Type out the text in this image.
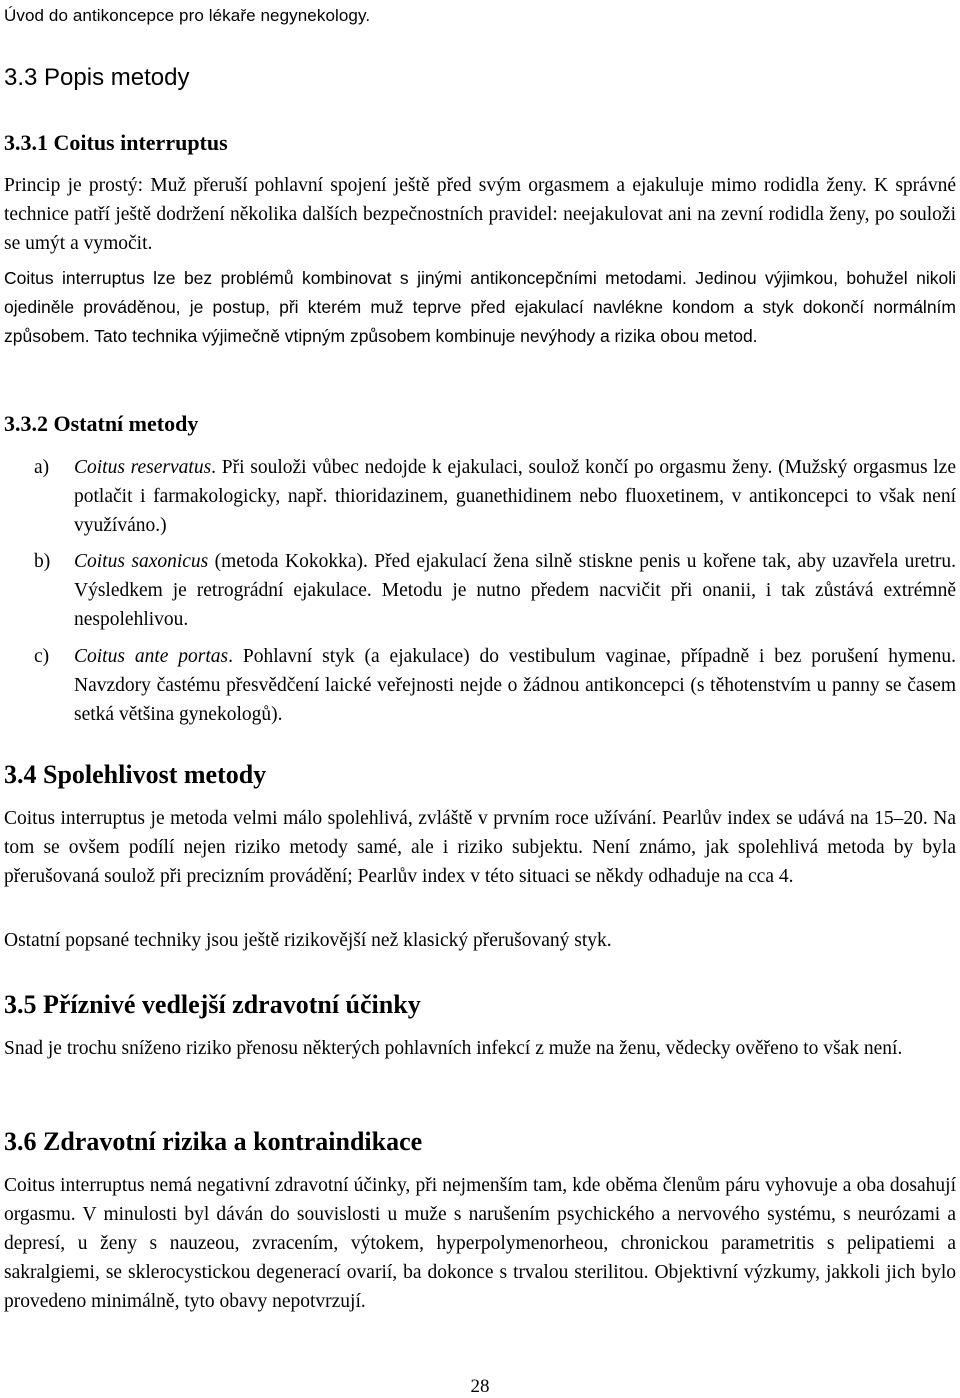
Úvod do antikoncepce pro lékaře negynekology.
3.3 Popis metody
3.3.1 Coitus interruptus

Princip je prostý: Muž přeruší pohlavní spojení ještě před svým orgasmem a ejakuluje mimo rodidla ženy. K správné technice patří ještě dodržení několika dalších bezpečnostních pravidel: neejakulovat ani na zevní rodidla ženy, po souloži se umýt a vymočit.

Coitus interruptus lze bez problémů kombinovat s jinými antikoncepčními metodami. Jedinou výjimkou, bohužel nikoli ojediněle prováděnou, je postup, při kterém muž teprve před ejakulací navlékne kondom a styk dokončí normálním způsobem. Tato technika výjimečně vtipným způsobem kombinuje nevýhody a rizika obou metod.

3.3.2 Ostatní metody
a) Coitus reservatus. Při souloži vůbec nedojde k ejakulaci, soulož končí po orgasmu ženy. (Mužský orgasmus lze potlačit i farmakologicky, např. thioridazinem, guanethidinem nebo fluoxetinem, v antikoncepci to však není využíváno.)

b) Coitus saxonicus (metoda Kokokka). Před ejakulací žena silně stiskne penis u kořene tak, aby uzavřela uretru. Výsledkem je retrográdní ejakulace. Metodu je nutno předem nacvičit při onanii, i tak zůstává extrémně nespolehlivou.

c) Coitus ante portas. Pohlavní styk (a ejakulace) do vestibulum vaginae, případně i bez porušení hymenu. Navzdory častému přesvědčení laické veřejnosti nejde o žádnou antikoncepci (s těhotenstvím u panny se časem setká většina gynekologů).

3.4 Spolehlivost metody

Coitus interruptus je metoda velmi málo spolehlivá, zvláště v prvním roce užívání. Pearlův index se udává na 15–20. Na tom se ovšem podílí nejen riziko metody samé, ale i riziko subjektu. Není známo, jak spolehlivá metoda by byla přerušovaná soulož při precizním provádění; Pearlův index v této situaci se někdy odhaduje na cca 4.

Ostatní popsané techniky jsou ještě rizikovější než klasický přerušovaný styk.

3.5 Příznivé vedlejší zdravotní účinky

Snad je trochu sníženo riziko přenosu některých pohlavních infekcí z muže na ženu, vědecky ověřeno to však není.

3.6 Zdravotní rizika a kontraindikace

Coitus interruptus nemá negativní zdravotní účinky, při nejmenším tam, kde oběma členům páru vyhovuje a oba dosahují orgasmu. V minulosti byl dáván do souvislosti u muže s narušením psychického a nervového systému, s neurózami a depresí, u ženy s nauzeou, zvracením, výtokem, hyperpolymenorheou, chronickou parametritis s pelipatiemi a sakralgiemi, se sklerocystickou degenerací ovarií, ba dokonce s trvalou sterilitou. Objektivní výzkumy, jakkoli jich bylo provedeno minimálně, tyto obavy nepotvrzují.

28
